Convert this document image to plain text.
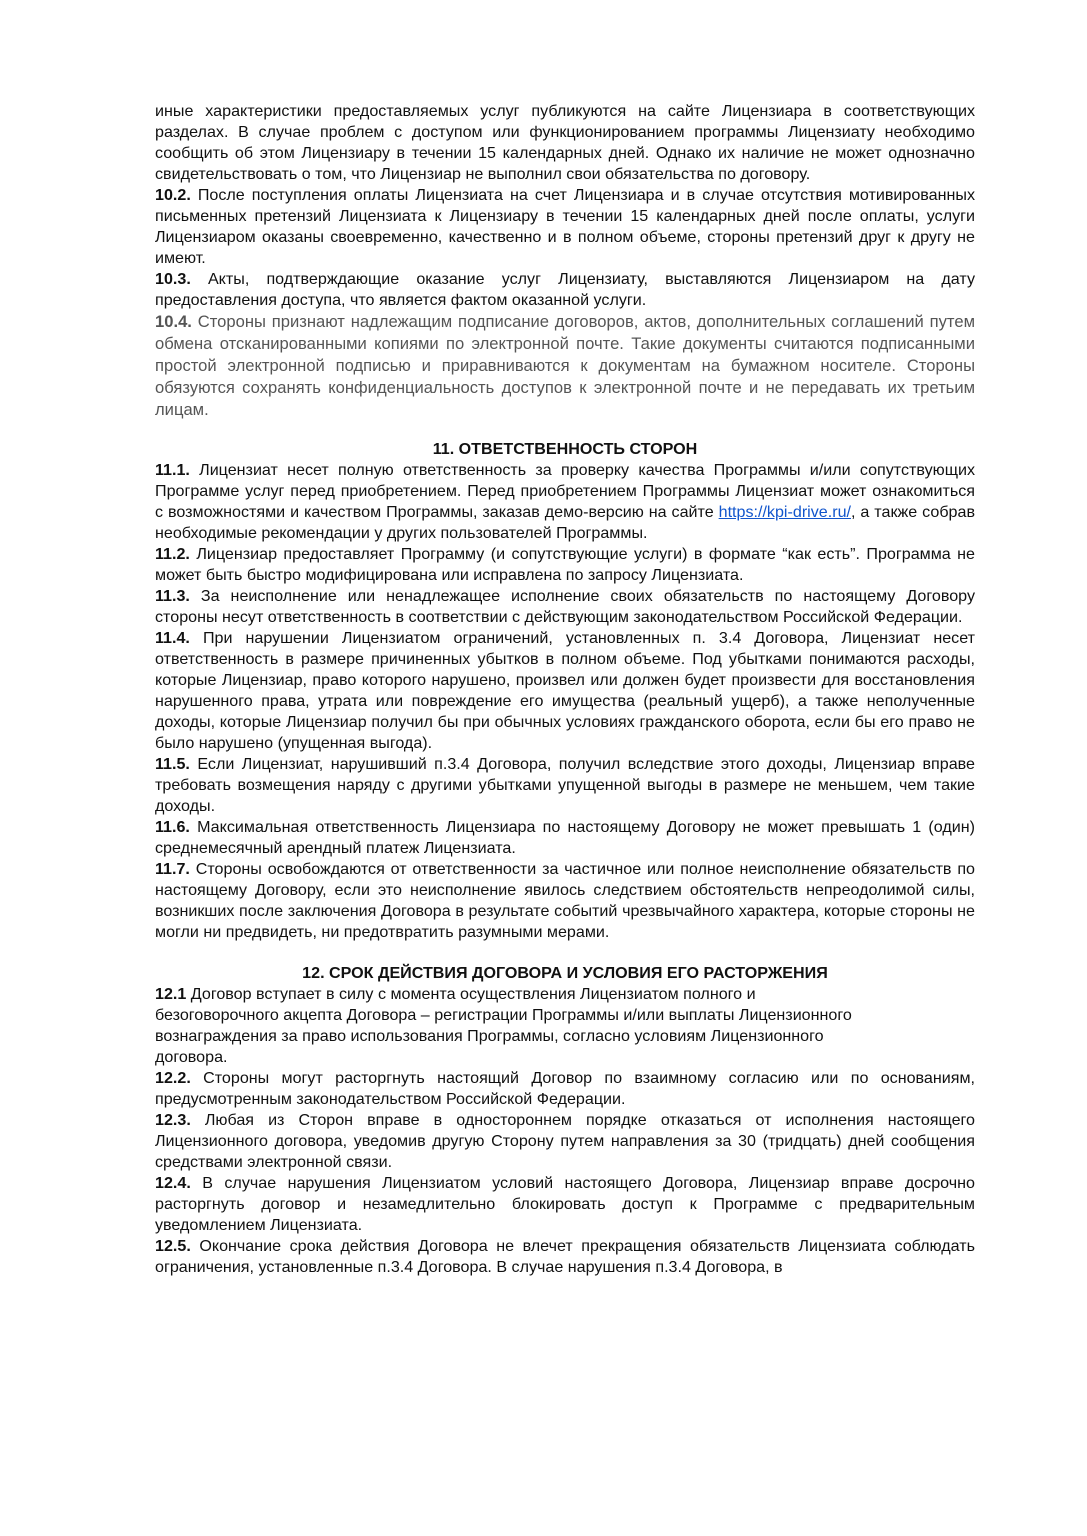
иные характеристики предоставляемых услуг публикуются на сайте Лицензиара в соответствующих разделах. В случае проблем с доступом или функционированием программы Лицензиату необходимо сообщить об этом Лицензиару в течении 15 календарных дней. Однако их наличие не может однозначно свидетельствовать о том, что Лицензиар не выполнил свои обязательства по договору.

10.2. После поступления оплаты Лицензиата на счет Лицензиара и в случае отсутствия мотивированных письменных претензий Лицензиата к Лицензиару в течении 15 календарных дней после оплаты, услуги Лицензиаром оказаны своевременно, качественно и в полном объеме, стороны претензий друг к другу не имеют.

10.3. Акты, подтверждающие оказание услуг Лицензиату, выставляются Лицензиаром на дату предоставления доступа, что является фактом оказанной услуги.

10.4. Стороны признают надлежащим подписание договоров, актов, дополнительных соглашений путем обмена отсканированными копиями по электронной почте. Такие документы считаются подписанными простой электронной подписью и приравниваются к документам на бумажном носителе. Стороны обязуются сохранять конфиденциальность доступов к электронной почте и не передавать их третьим лицам.

11. ОТВЕТСТВЕННОСТЬ СТОРОН

11.1. Лицензиат несет полную ответственность за проверку качества Программы и/или сопутствующих Программе услуг перед приобретением. Перед приобретением Программы Лицензиат может ознакомиться с возможностями и качеством Программы, заказав демо-версию на сайте https://kpi-drive.ru/, а также собрав необходимые рекомендации у других пользователей Программы.

11.2. Лицензиар предоставляет Программу (и сопутствующие услуги) в формате “как есть”. Программа не может быть быстро модифицирована или исправлена по запросу Лицензиата.

11.3. За неисполнение или ненадлежащее исполнение своих обязательств по настоящему Договору стороны несут ответственность в соответствии с действующим законодательством Российской Федерации.

11.4. При нарушении Лицензиатом ограничений, установленных п. 3.4 Договора, Лицензиат несет ответственность в размере причиненных убытков в полном объеме. Под убытками понимаются расходы, которые Лицензиар, право которого нарушено, произвел или должен будет произвести для восстановления нарушенного права, утрата или повреждение его имущества (реальный ущерб), а также неполученные доходы, которые Лицензиар получил бы при обычных условиях гражданского оборота, если бы его право не было нарушено (упущенная выгода).

11.5. Если Лицензиат, нарушивший п.3.4 Договора, получил вследствие этого доходы, Лицензиар вправе требовать возмещения наряду с другими убытками упущенной выгоды в размере не меньшем, чем такие доходы.

11.6. Максимальная ответственность Лицензиара по настоящему Договору не может превышать 1 (один) среднемесячный арендный платеж Лицензиата.

11.7. Стороны освобождаются от ответственности за частичное или полное неисполнение обязательств по настоящему Договору, если это неисполнение явилось следствием обстоятельств непреодолимой силы, возникших после заключения Договора в результате событий чрезвычайного характера, которые стороны не могли ни предвидеть, ни предотвратить разумными мерами.

12. СРОК ДЕЙСТВИЯ ДОГОВОРА И УСЛОВИЯ ЕГО РАСТОРЖЕНИЯ

12.1 Договор вступает в силу с момента осуществления Лицензиатом полного и
безоговорочного акцепта Договора – регистрации Программы и/или выплаты Лицензионного
вознаграждения за право использования Программы, согласно условиям Лицензионного
договора.

12.2. Стороны могут расторгнуть настоящий Договор по взаимному согласию или по основаниям, предусмотренным законодательством Российской Федерации.

12.3. Любая из Сторон вправе в одностороннем порядке отказаться от исполнения настоящего Лицензионного договора, уведомив другую Сторону путем направления за 30 (тридцать) дней сообщения средствами электронной связи.

12.4. В случае нарушения Лицензиатом условий настоящего Договора, Лицензиар вправе досрочно расторгнуть договор и незамедлительно блокировать доступ к Программе с предварительным уведомлением Лицензиата.

12.5. Окончание срока действия Договора не влечет прекращения обязательств Лицензиата соблюдать ограничения, установленные п.3.4 Договора. В случае нарушения п.3.4 Договора, в
